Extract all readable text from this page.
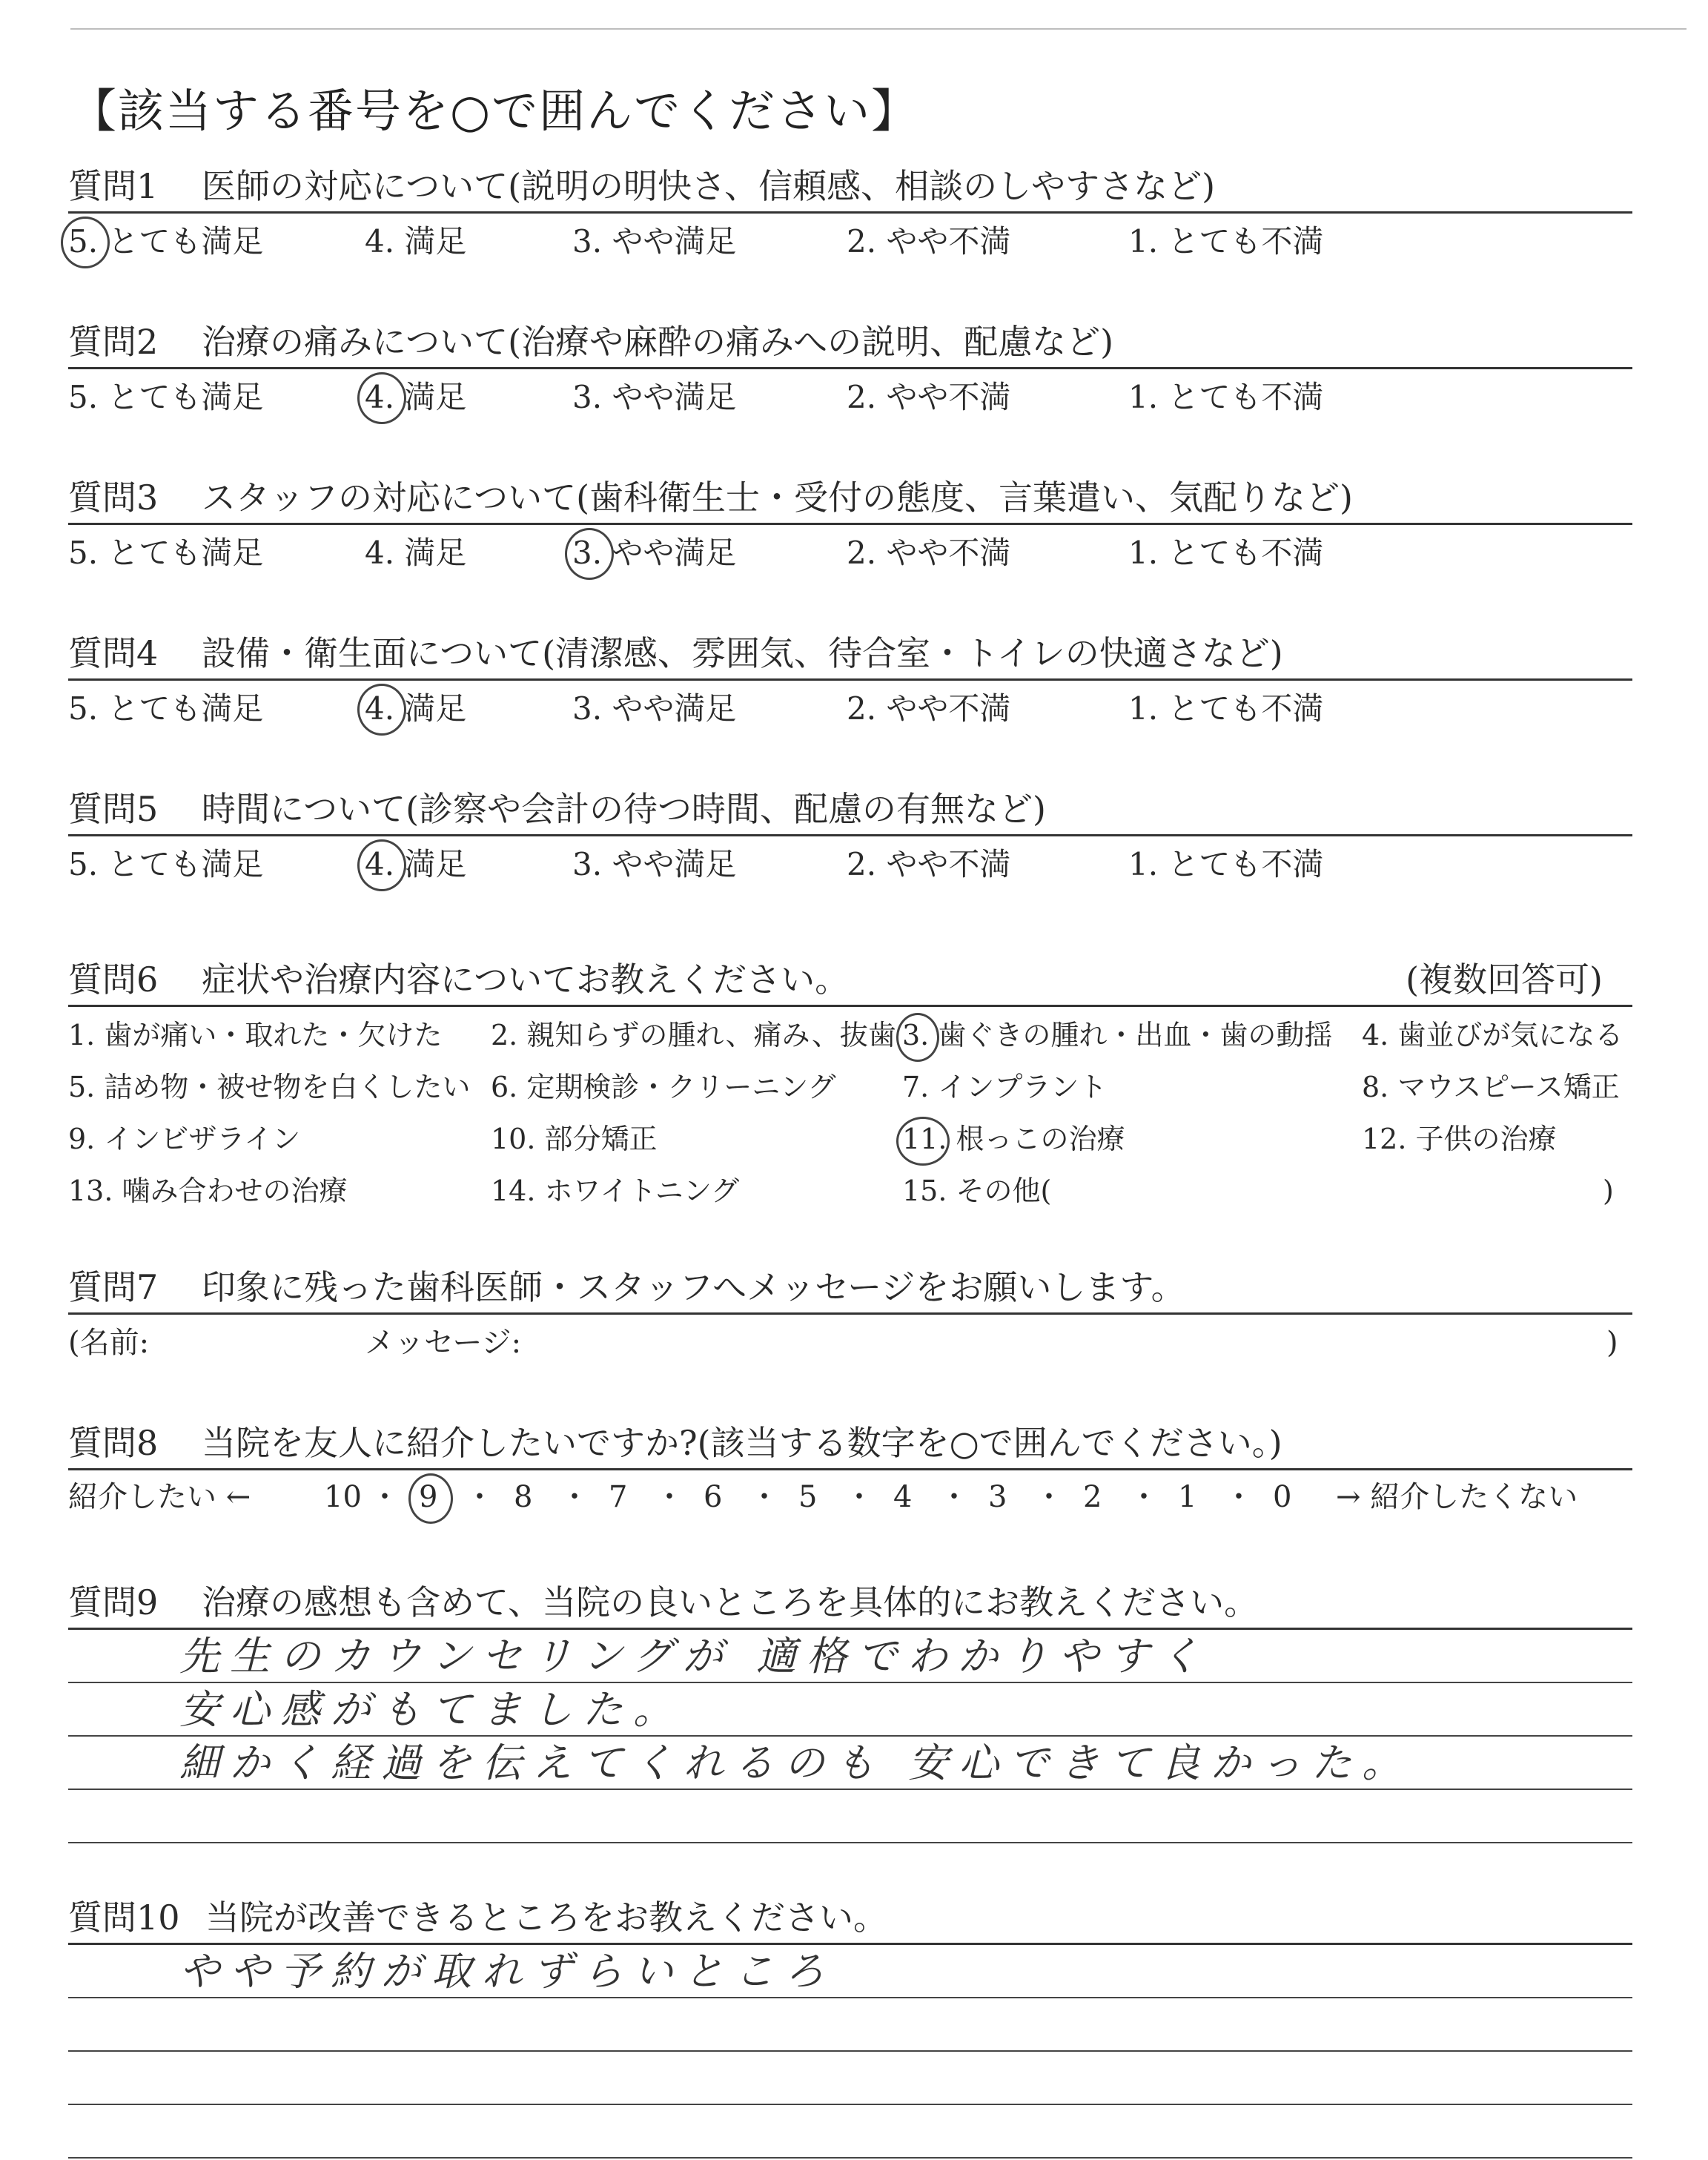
【該当する番号を○で囲んでください】
質問1 医師の対応について(説明の明快さ、信頼感、相談のしやすさなど)
5. とても満足	4. 満足	3. やや満足	2. やや不満	1. とても不満
質問2 治療の痛みについて(治療や麻酔の痛みへの説明、配慮など)
5. とても満足	4. 満足	3. やや満足	2. やや不満	1. とても不満
質問3 スタッフの対応について(歯科衛生士・受付の態度、言葉遣い、気配りなど)
5. とても満足	4. 満足	3. やや満足	2. やや不満	1. とても不満
質問4 設備・衛生面について(清潔感、雰囲気、待合室・トイレの快適さなど)
5. とても満足	4. 満足	3. やや満足	2. やや不満	1. とても不満
質問5 時間について(診察や会計の待つ時間、配慮の有無など)
5. とても満足	4. 満足	3. やや満足	2. やや不満	1. とても不満
質問6 症状や治療内容についてお教えください。	(複数回答可)
1. 歯が痛い・取れた・欠けた 2. 親知らずの腫れ、痛み、抜歯 3. 歯ぐきの腫れ・出血・歯の動揺 4. 歯並びが気になる
5. 詰め物・被せ物を白くしたい 6. 定期検診・クリーニング 7. インプラント	8. マウスピース矯正
9. インビザライン	10. 部分矯正	11. 根っこの治療	12. 子供の治療
13. 噛み合わせの治療	14. ホワイトニング	15. その他(	)
質問7 印象に残った歯科医師・スタッフへメッセージをお願いします。
(名前:	メッセージ:	)
質問8 当院を友人に紹介したいですか?(該当する数字を○で囲んでください。)
紹介したい ←	→ 紹介したくない
10 ・ 9 ・ 8 ・ 7 ・ 6 ・ 5 ・ 4 ・ 3 ・ 2 ・ 1 ・ 0
質問9 治療の感想も含めて、当院の良いところを具体的にお教えください。
先生のカウンセリングが 適格でわかりやすく
安心感がもてました。
細かく経過を伝えてくれるのも 安心できて良かった。
質問10 当院が改善できるところをお教えください。
やや予約が取れずらいところ
